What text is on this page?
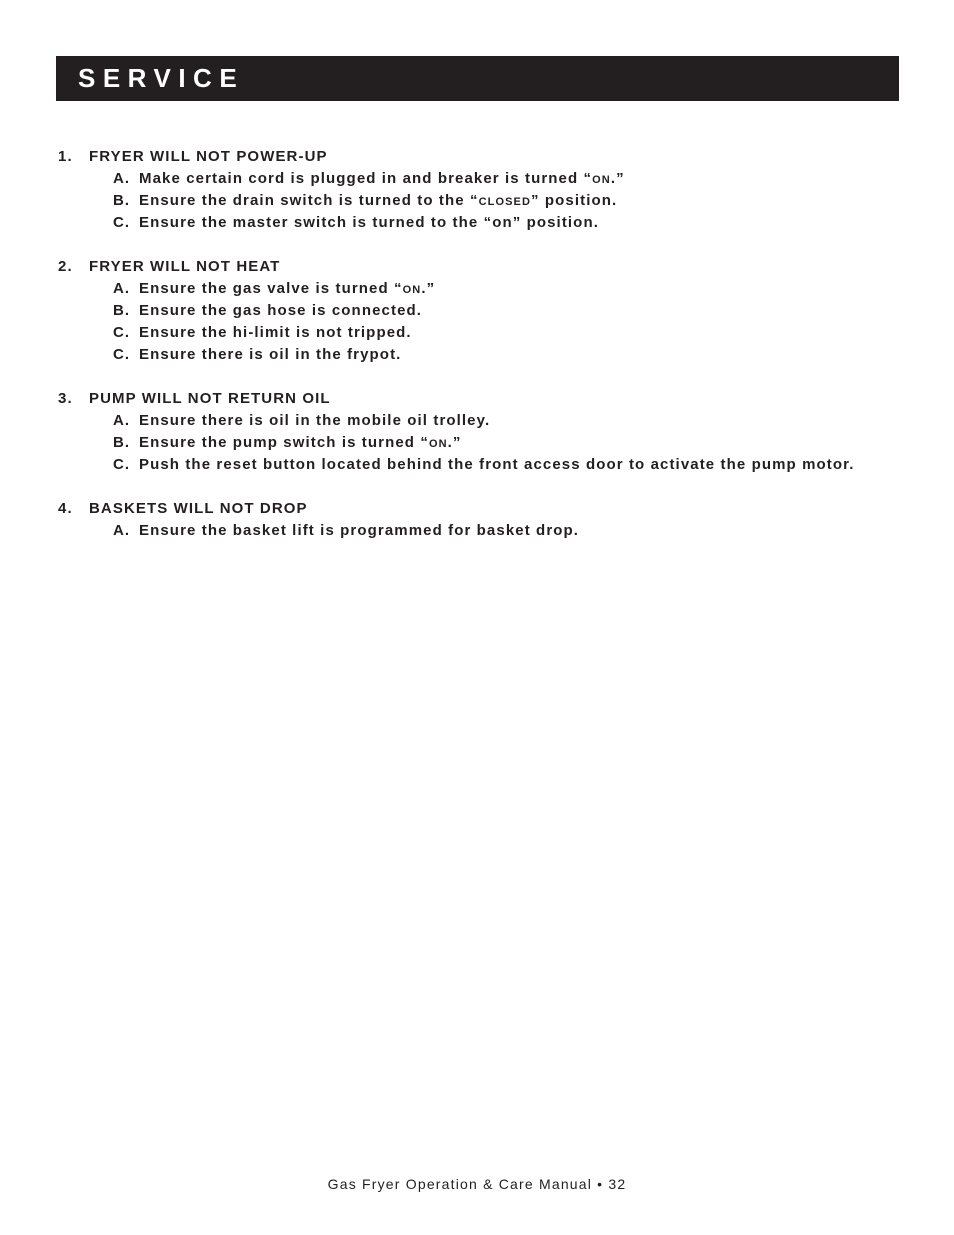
SERVICE
1.	FRYER WILL NOT POWER-UP
A. Make certain cord is plugged in and breaker is turned “on.”
B. Ensure the drain switch is turned to the “closed” position.
C. Ensure the master switch is turned to the “on” position.
2.	FRYER WILL NOT HEAT
A. Ensure the gas valve is turned “on.”
B. Ensure the gas hose is connected.
C. Ensure the hi-limit is not tripped.
C. Ensure there is oil in the frypot.
3.	PUMP WILL NOT RETURN OIL
A. Ensure there is oil in the mobile oil trolley.
B. Ensure the pump switch is turned “on.”
C. Push the reset button located behind the front access door to activate the pump motor.
4.	BASKETS WILL NOT DROP
A. Ensure the basket lift is programmed for basket drop.
Gas Fryer Operation & Care Manual • 32
